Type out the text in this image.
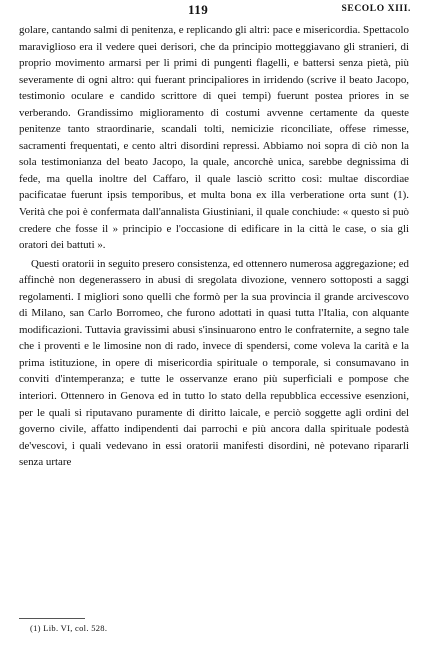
119	SECOLO XIII.

golare, cantando salmi di penitenza, e replicando gli altri: pace e misericordia. Spettacolo maraviglioso era il vedere quei derisori, che da principio motteggiavano gli stranieri, di proprio movimento armarsi per li primi di pungenti flagelli, e battersi senza pietà, più severamente di ogni altro: qui fuerant principaliores in irridendo (scrive il beato Jacopo, testimonio oculare e candido scrittore di quei tempi) fuerunt postea priores in se verberando. Grandissimo miglioramento di costumi avvenne certamente da queste penitenze tanto straordinarie, scandali tolti, nemicizie riconciliate, offese rimesse, sacramenti frequentati, e cento altri disordini repressi. Abbiamo noi sopra di ciò non la sola testimonianza del beato Jacopo, la quale, ancorchè unica, sarebbe degnissima di fede, ma quella inoltre del Caffaro, il quale lasciò scritto così: multae discordiae pacificatae fuerunt ipsis temporibus, et multa bona ex illa verberatione orta sunt (1). Verità che poi è confermata dall'annalista Giustiniani, il quale conchiude: « questo si può credere che fosse il » principio e l'occasione di edificare in la città le case, o sia gli oratori dei battuti ».

Questi oratorii in seguito presero consistenza, ed ottennero numerosa aggregazione; ed affinchè non degenerassero in abusi di sregolata divozione, vennero sottoposti a saggi regolamenti. I migliori sono quelli che formò per la sua provincia il grande arcivescovo di Milano, san Carlo Borromeo, che furono adottati in quasi tutta l'Italia, con alquante modificazioni. Tuttavia gravissimi abusi s'insinuarono entro le confraternite, a segno tale che i proventi e le limosine non di rado, invece di spendersi, come voleva la carità e la prima istituzione, in opere di misericordia spirituale o temporale, si consumavano in conviti d'intemperanza; e tutte le osservanze erano più superficiali e pompose che interiori. Ottennero in Genova ed in tutto lo stato della repubblica eccessive esenzioni, per le quali si riputavano puramente di diritto laicale, e perciò soggette agli ordini del governo civile, affatto indipendenti dai parrochi e più ancora dalla spirituale podestà de'vescovi, i quali vedevano in essi oratorii manifesti disordini, nè potevano ripararli senza urtare

(1) Lib. VI, col. 528.
